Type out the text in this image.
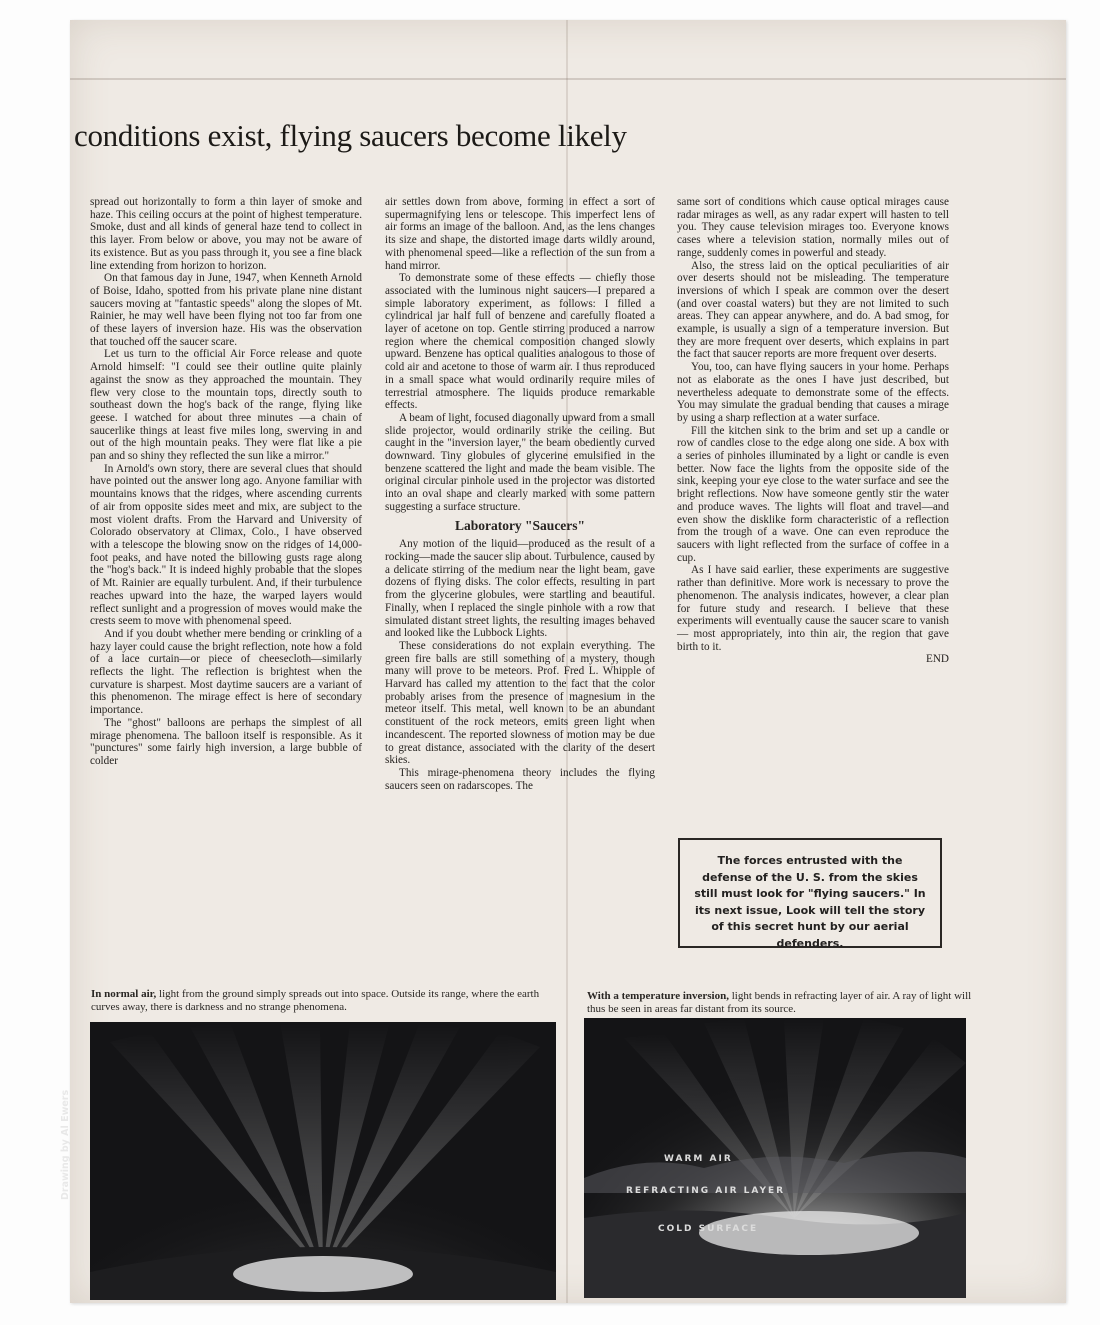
conditions exist, flying saucers become likely

spread out horizontally to form a thin layer of smoke and haze. This ceiling occurs at the point of highest temperature. Smoke, dust and all kinds of general haze tend to collect in this layer. From below or above, you may not be aware of its existence. But as you pass through it, you see a fine black line extending from horizon to horizon.

On that famous day in June, 1947, when Kenneth Arnold of Boise, Idaho, spotted from his private plane nine distant saucers moving at "fantastic speeds" along the slopes of Mt. Rainier, he may well have been flying not too far from one of these layers of inversion haze. His was the observation that touched off the saucer scare.

Let us turn to the official Air Force release and quote Arnold himself: "I could see their outline quite plainly against the snow as they approached the mountain. They flew very close to the mountain tops, directly south to southeast down the hog's back of the range, flying like geese. I watched for about three minutes —a chain of saucerlike things at least five miles long, swerving in and out of the high mountain peaks. They were flat like a pie pan and so shiny they reflected the sun like a mirror."

In Arnold's own story, there are several clues that should have pointed out the answer long ago. Anyone familiar with mountains knows that the ridges, where ascending currents of air from opposite sides meet and mix, are subject to the most violent drafts. From the Harvard and University of Colorado observatory at Climax, Colo., I have observed with a telescope the blowing snow on the ridges of 14,000-foot peaks, and have noted the billowing gusts rage along the "hog's back." It is indeed highly probable that the slopes of Mt. Rainier are equally turbulent. And, if their turbulence reaches upward into the haze, the warped layers would reflect sunlight and a progression of moves would make the crests seem to move with phenomenal speed.

And if you doubt whether mere bending or crinkling of a hazy layer could cause the bright reflection, note how a fold of a lace curtain—or piece of cheesecloth—similarly reflects the light. The reflection is brightest when the curvature is sharpest. Most daytime saucers are a variant of this phenomenon. The mirage effect is here of secondary importance.

The "ghost" balloons are perhaps the simplest of all mirage phenomena. The balloon itself is responsible. As it "punctures" some fairly high inversion, a large bubble of colder

air settles down from above, forming in effect a sort of supermagnifying lens or telescope. This imperfect lens of air forms an image of the balloon. And, as the lens changes its size and shape, the distorted image darts wildly around, with phenomenal speed—like a reflection of the sun from a hand mirror.

To demonstrate some of these effects — chiefly those associated with the luminous night saucers—I prepared a simple laboratory experiment, as follows: I filled a cylindrical jar half full of benzene and carefully floated a layer of acetone on top. Gentle stirring produced a narrow region where the chemical composition changed slowly upward. Benzene has optical qualities analogous to those of cold air and acetone to those of warm air. I thus reproduced in a small space what would ordinarily require miles of terrestrial atmosphere. The liquids produce remarkable effects.

A beam of light, focused diagonally upward from a small slide projector, would ordinarily strike the ceiling. But caught in the "inversion layer," the beam obediently curved downward. Tiny globules of glycerine emulsified in the benzene scattered the light and made the beam visible. The original circular pinhole used in the projector was distorted into an oval shape and clearly marked with some pattern suggesting a surface structure.

Laboratory "Saucers"

Any motion of the liquid—produced as the result of a rocking—made the saucer slip about. Turbulence, caused by a delicate stirring of the medium near the light beam, gave dozens of flying disks. The color effects, resulting in part from the glycerine globules, were startling and beautiful. Finally, when I replaced the single pinhole with a row that simulated distant street lights, the resulting images behaved and looked like the Lubbock Lights.

These considerations do not explain everything. The green fire balls are still something of a mystery, though many will prove to be meteors. Prof. Fred L. Whipple of Harvard has called my attention to the fact that the color probably arises from the presence of magnesium in the meteor itself. This metal, well known to be an abundant constituent of the rock meteors, emits green light when incandescent. The reported slowness of motion may be due to great distance, associated with the clarity of the desert skies.

This mirage-phenomena theory includes the flying saucers seen on radarscopes. The

same sort of conditions which cause optical mirages cause radar mirages as well, as any radar expert will hasten to tell you. They cause television mirages too. Everyone knows cases where a television station, normally miles out of range, suddenly comes in powerful and steady.

Also, the stress laid on the optical peculiarities of air over deserts should not be misleading. The temperature inversions of which I speak are common over the desert (and over coastal waters) but they are not limited to such areas. They can appear anywhere, and do. A bad smog, for example, is usually a sign of a temperature inversion. But they are more frequent over deserts, which explains in part the fact that saucer reports are more frequent over deserts.

You, too, can have flying saucers in your home. Perhaps not as elaborate as the ones I have just described, but nevertheless adequate to demonstrate some of the effects. You may simulate the gradual bending that causes a mirage by using a sharp reflection at a water surface.

Fill the kitchen sink to the brim and set up a candle or row of candles close to the edge along one side. A box with a series of pinholes illuminated by a light or candle is even better. Now face the lights from the opposite side of the sink, keeping your eye close to the water surface and see the bright reflections. Now have someone gently stir the water and produce waves. The lights will float and travel—and even show the disklike form characteristic of a reflection from the trough of a wave. One can even reproduce the saucers with light reflected from the surface of coffee in a cup.

As I have said earlier, these experiments are suggestive rather than definitive. More work is necessary to prove the phenomenon. The analysis indicates, however, a clear plan for future study and research. I believe that these experiments will eventually cause the saucer scare to vanish — most appropriately, into thin air, the region that gave birth to it.

END

The forces entrusted with the defense of the U. S. from the skies still must look for "flying saucers." In its next issue, Look will tell the story of this secret hunt by our aerial defenders.
In normal air, light from the ground simply spreads out into space. Outside its range, where the earth curves away, there is darkness and no strange phenomena.
With a temperature inversion, light bends in refracting layer of air. A ray of light will thus be seen in areas far distant from its source.
Drawing by Al Ewers	WARM AIR
REFRACTING AIR LAYER
COLD SURFACE
